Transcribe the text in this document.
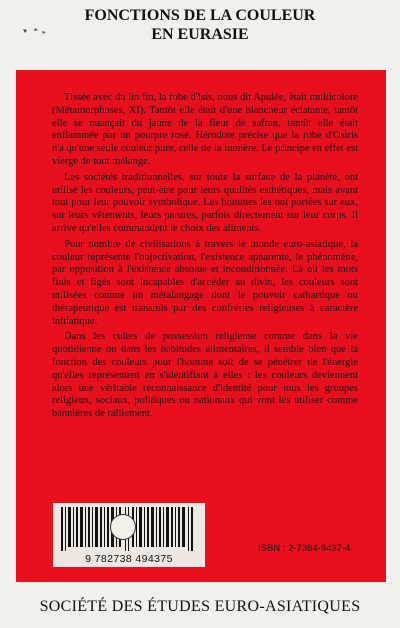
FONCTIONS DE LA COULEUR
EN EURASIE

Tissée avec du lin fin, la robe d'Isis, nous dit Apulée, était multicolore (Métamorphoses, XI). Tantôt elle était d'une blancheur éclatante, tantôt elle se nuançait du jaune de la fleur de safran, tantôt elle était enflammée par un pourpre rosé. Hérodote précise que la robe d'Osiris n'a qu'une seule couleur pure, celle de la lumière. Le principe en effet est vierge de tout mélange.

Les sociétés traditionnelles, sur toute la surface de la planète, ont utilisé les couleurs, peut-être pour leurs qualités esthétiques, mais avant tout pour leur pouvoir symbolique. Les hommes les ont portées sur eux, sur leurs vêtements, leurs parures, parfois directement sur leur corps. Il arrive qu'elles commandent le choix des aliments.

Pour nombre de civilisations à travers le monde euro-asiatique, la couleur représente l'objectivation, l'existence apparente, le phénomène, par opposition à l'existence absolue et inconditionnée. Là où les mots finis et figés sont incapables d'accéder au divin, les couleurs sont utilisées comme un métalangage dont le pouvoir cathartique ou thérapeutique est transmis par des confréries religieuses à caractère initiatique.

Dans les cultes de possession religieuse comme dans la vie quotidienne ou dans les habitudes alimentaires, il semble bien que la fonction des couleurs pour l'homme soit de se pénétrer de l'énergie qu'elles représentent en s'identifiant à elles : les couleurs deviennent alors une véritable reconnaissance d'identité pour tous les groupes religieux, sociaux, politiques ou nationaux qui vont les utiliser comme bannières de ralliement.

9 782738 494375
ISBN : 2-7384-9437-4
SOCIÉTÉ DES ÉTUDES EURO-ASIATIQUES
